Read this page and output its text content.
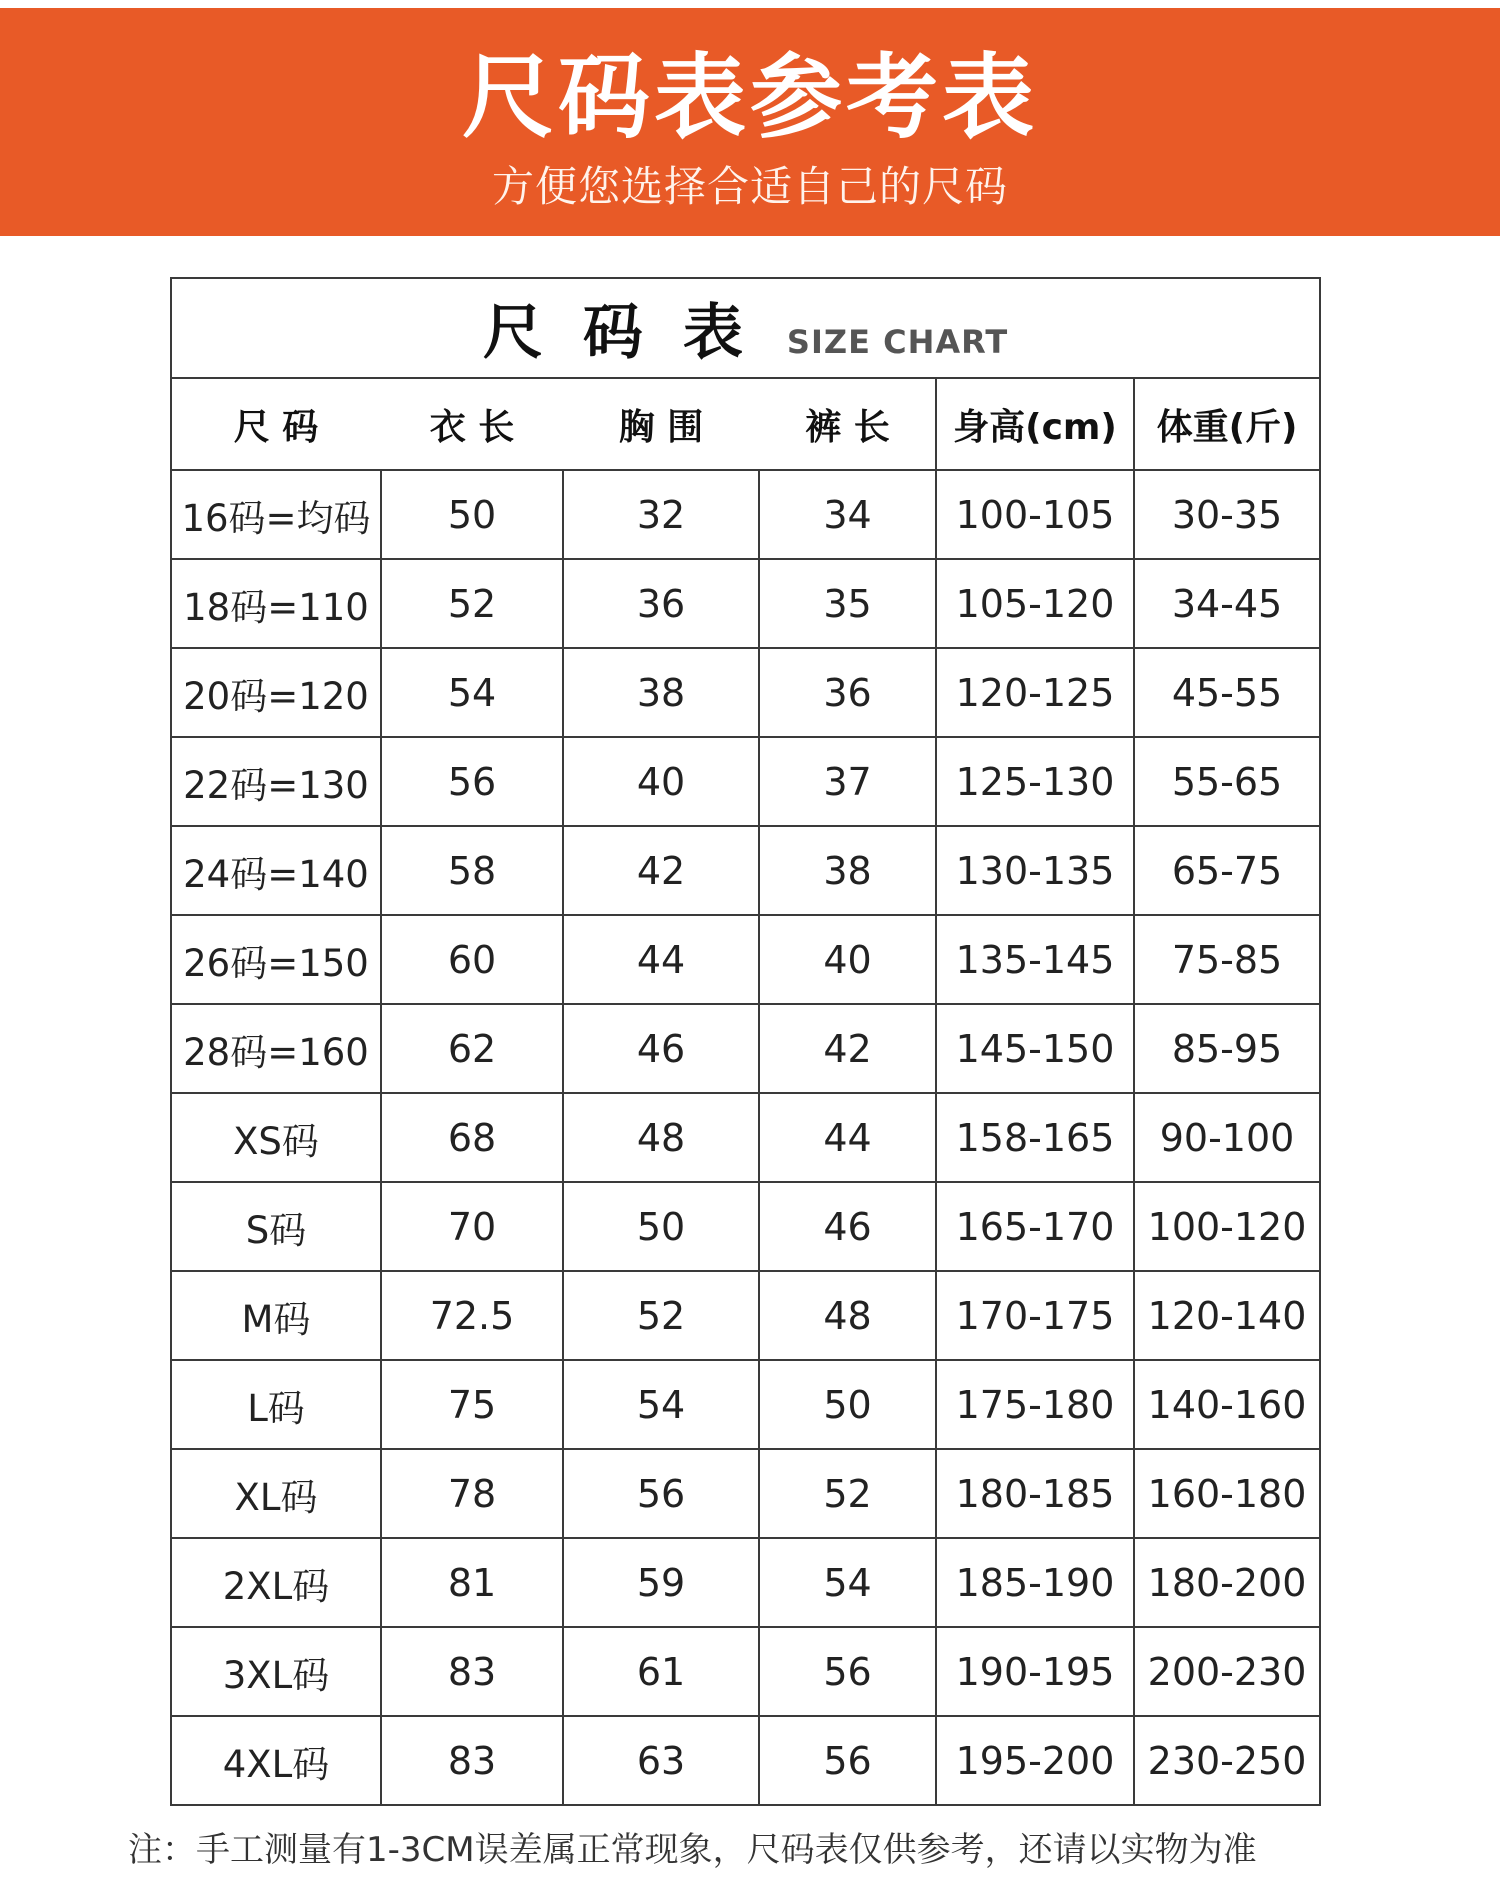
尺码表参考表
方便您选择合适自己的尺码
尺码表 SIZE CHART					
尺 码	衣 长	胸 围	裤 长	身高(cm)	体重(斤)
16码=均码	50	32	34	100-105	30-35
18码=110	52	36	35	105-120	34-45
20码=120	54	38	36	120-125	45-55
22码=130	56	40	37	125-130	55-65
24码=140	58	42	38	130-135	65-75
26码=150	60	44	40	135-145	75-85
28码=160	62	46	42	145-150	85-95
XS码	68	48	44	158-165	90-100
S码	70	50	46	165-170	100-120
M码	72.5	52	48	170-175	120-140
L码	75	54	50	175-180	140-160
XL码	78	56	52	180-185	160-180
2XL码	81	59	54	185-190	180-200
3XL码	83	61	56	190-195	200-230
4XL码	83	63	56	195-200	230-250
注：手工测量有1-3CM误差属正常现象，尺码表仅供参考，还请以实物为准
